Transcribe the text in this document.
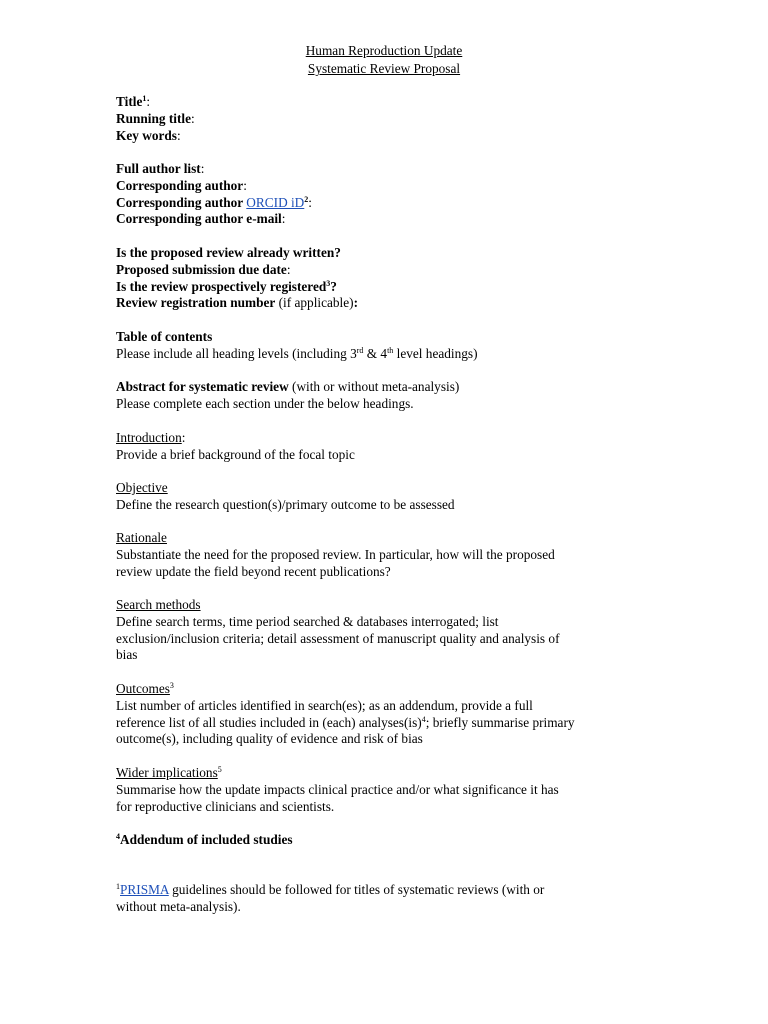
Human Reproduction Update
Systematic Review Proposal
Title$^1$:
Running title:
Key words:
Full author list:
Corresponding author:
Corresponding author ORCID $iD^2$:
Corresponding author e-mail:
Is the proposed review already written?
Proposed submission due date:
Is the review prospectively registered$^3$?
Review registration number (if applicable):
Table of contents
Please include all heading levels (including 3rd & 4th level headings)
Abstract for systematic review (with or without meta-analysis)
Please complete each section under the below headings.
Introduction:
Provide a brief background of the focal topic
Objective
Define the research question(s)/primary outcome to be assessed
Rationale
Substantiate the need for the proposed review. In particular, how will the proposed
review update the field beyond recent publications?
Search methods
Define search terms, time period searched & databases interrogated; list
exclusion/inclusion criteria; detail assessment of manuscript quality and analysis of
bias
Outcomes$^3$
List number of articles identified in search(es); as an addendum, provide a full
reference list of all studies included in (each) analyses(is)$^4$; briefly summarise primary
outcome(s), including quality of evidence and risk of bias
Wider implications$^5$
Summarise how the update impacts clinical practice and/or what significance it has
for reproductive clinicians and scientists.
$^4$Addendum of included studies
$^1$PRISMA guidelines should be followed for titles of systematic reviews (with or
without meta-analysis).
